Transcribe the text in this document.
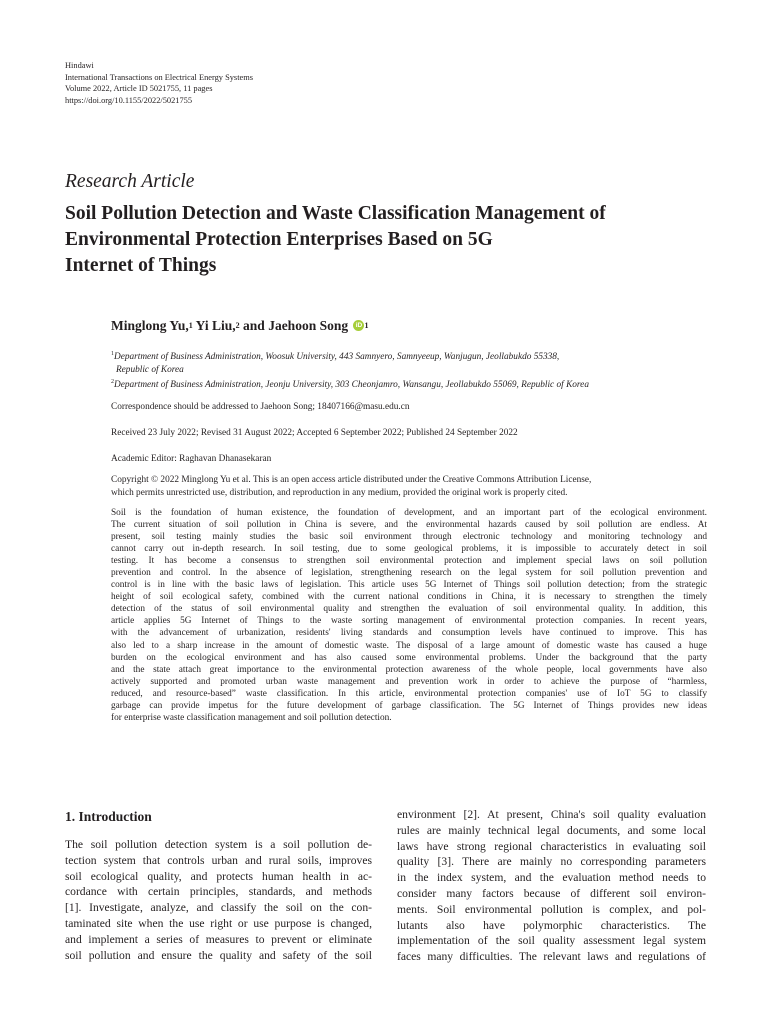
Hindawi
International Transactions on Electrical Energy Systems
Volume 2022, Article ID 5021755, 11 pages
https://doi.org/10.1155/2022/5021755
Research Article
Soil Pollution Detection and Waste Classification Management of
Environmental Protection Enterprises Based on 5G
Internet of Things
Minglong Yu,$^1$ Yi Liu,$^2$ and Jaehoon Song iD $^1$
$^1$Department of Business Administration, Woosuk University, 443 Samnyero, Samnyeeup, Wanjugun, Jeollabukdo 55338,
Republic of Korea
$^2$Department of Business Administration, Jeonju University, 303 Cheonjamro, Wansangu, Jeollabukdo 55069, Republic of Korea
Correspondence should be addressed to Jaehoon Song; 18407166@masu.edu.cn
Received 23 July 2022; Revised 31 August 2022; Accepted 6 September 2022; Published 24 September 2022
Academic Editor: Raghavan Dhanasekaran
Copyright © 2022 Minglong Yu et al. This is an open access article distributed under the Creative Commons Attribution License,
which permits unrestricted use, distribution, and reproduction in any medium, provided the original work is properly cited.
Soil is the foundation of human existence, the foundation of development, and an important part of the ecological environment.
The current situation of soil pollution in China is severe, and the environmental hazards caused by soil pollution are endless. At
present, soil testing mainly studies the basic soil environment through electronic technology and monitoring technology and
cannot carry out in-depth research. In soil testing, due to some geological problems, it is impossible to accurately detect in soil
testing. It has become a consensus to strengthen soil environmental protection and implement special laws on soil pollution
prevention and control. In the absence of legislation, strengthening research on the legal system for soil pollution prevention and
control is in line with the basic laws of legislation. This article uses 5G Internet of Things soil pollution detection; from the strategic
height of soil ecological safety, combined with the current national conditions in China, it is necessary to strengthen the timely
detection of the status of soil environmental quality and strengthen the evaluation of soil environmental quality. In addition, this
article applies 5G Internet of Things to the waste sorting management of environmental protection companies. In recent years,
with the advancement of urbanization, residents' living standards and consumption levels have continued to improve. This has
also led to a sharp increase in the amount of domestic waste. The disposal of a large amount of domestic waste has caused a huge
burden on the ecological environment and has also caused some environmental problems. Under the background that the party
and the state attach great importance to the environmental protection awareness of the whole people, local governments have also
actively supported and promoted urban waste management and prevention work in order to achieve the purpose of “harmless,
reduced, and resource-based” waste classification. In this article, environmental protection companies' use of IoT 5G to classify
garbage can provide impetus for the future development of garbage classification. The 5G Internet of Things provides new ideas
for enterprise waste classification management and soil pollution detection.
1. Introduction
The soil pollution detection system is a soil pollution de-
tection system that controls urban and rural soils, improves
soil ecological quality, and protects human health in ac-
cordance with certain principles, standards, and methods
[1]. Investigate, analyze, and classify the soil on the con-
taminated site when the use right or use purpose is changed,
and implement a series of measures to prevent or eliminate
soil pollution and ensure the quality and safety of the soil
environment [2]. At present, China's soil quality evaluation
rules are mainly technical legal documents, and some local
laws have strong regional characteristics in evaluating soil
quality [3]. There are mainly no corresponding parameters
in the index system, and the evaluation method needs to
consider many factors because of different soil environ-
ments. Soil environmental pollution is complex, and pol-
lutants also have polymorphic characteristics. The
implementation of the soil quality assessment legal system
faces many difficulties. The relevant laws and regulations of
